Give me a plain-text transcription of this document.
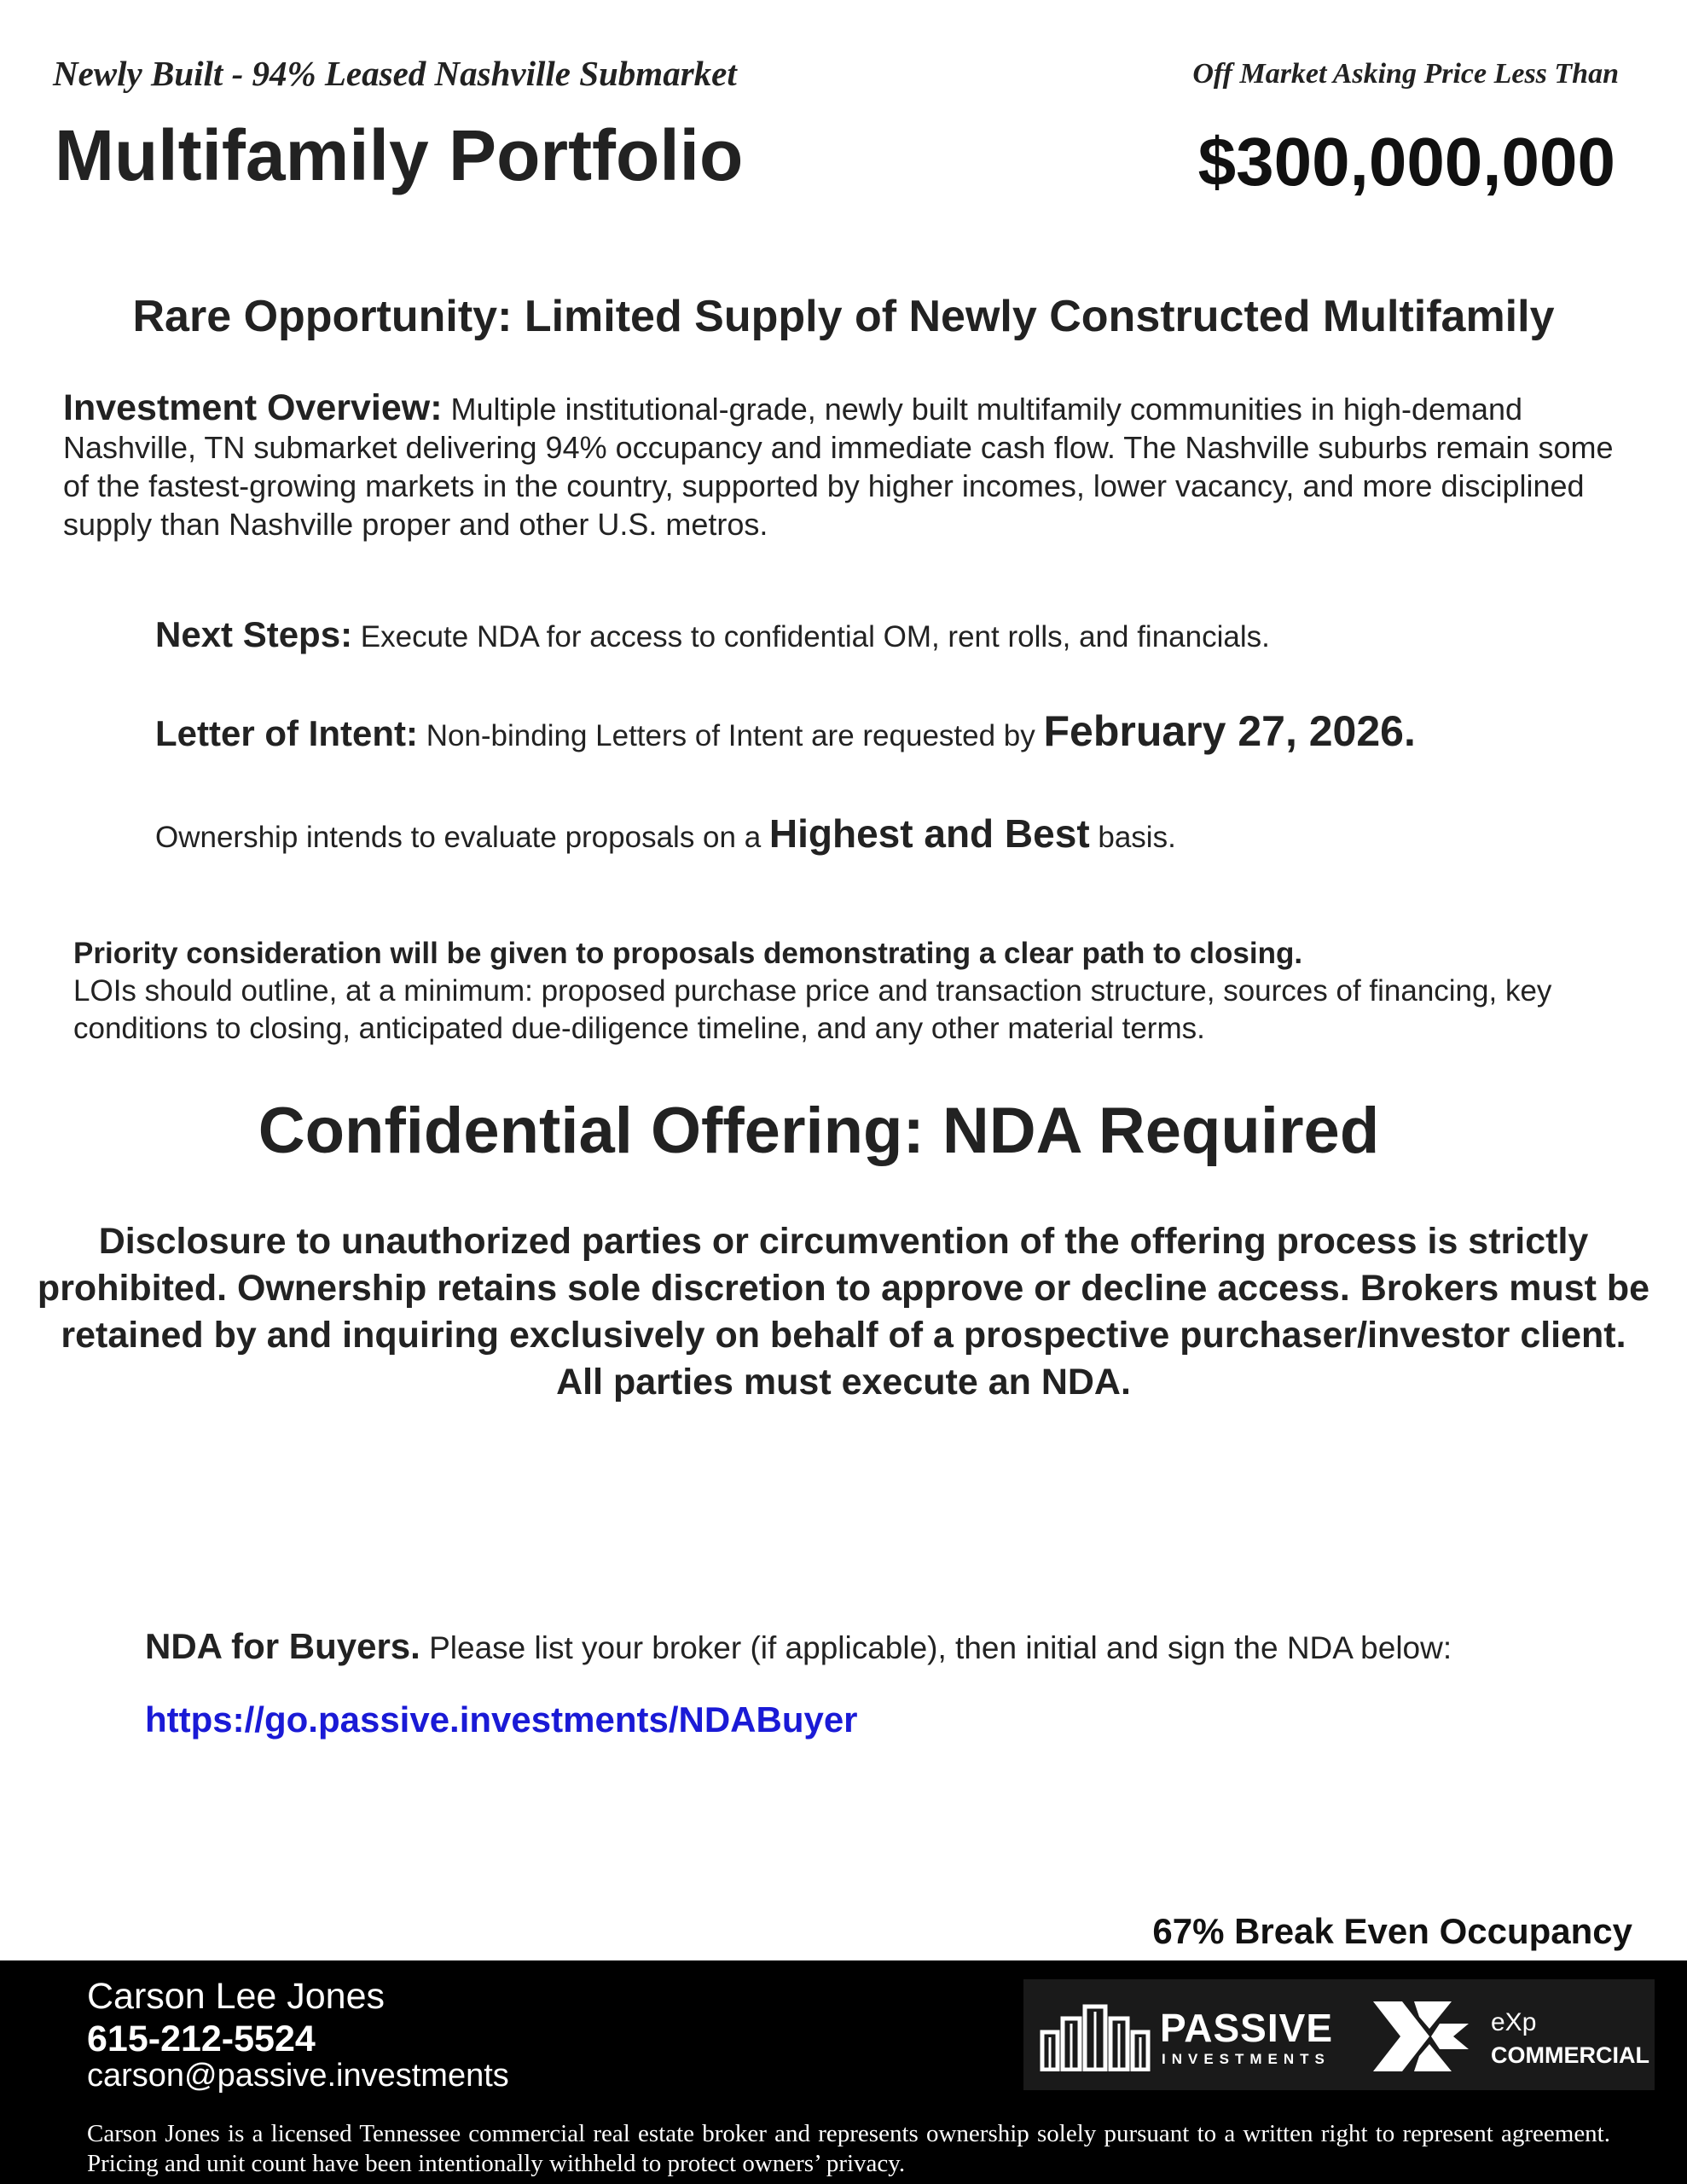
Newly Built - 94% Leased Nashville Submarket	Off Market Asking Price Less Than
Multifamily Portfolio	$300,000,000
Rare Opportunity: Limited Supply of Newly Constructed Multifamily
Investment Overview: Multiple institutional-grade, newly built multifamily communities in high-demand Nashville, TN submarket delivering 94% occupancy and immediate cash flow. The Nashville suburbs remain some of the fastest-growing markets in the country, supported by higher incomes, lower vacancy, and more disciplined supply than Nashville proper and other U.S. metros.
Next Steps: Execute NDA for access to confidential OM, rent rolls, and financials.
Letter of Intent: Non-binding Letters of Intent are requested by February 27, 2026.
Ownership intends to evaluate proposals on a Highest and Best basis.
Priority consideration will be given to proposals demonstrating a clear path to closing.
LOIs should outline, at a minimum: proposed purchase price and transaction structure, sources of financing, key conditions to closing, anticipated due-diligence timeline, and any other material terms.
Confidential Offering: NDA Required
Disclosure to unauthorized parties or circumvention of the offering process is strictly prohibited. Ownership retains sole discretion to approve or decline access. Brokers must be retained by and inquiring exclusively on behalf of a prospective purchaser/investor client. All parties must execute an NDA.
NDA for Buyers. Please list your broker (if applicable), then initial and sign the NDA below:
https://go.passive.investments/NDABuyer
67% Break Even Occupancy
Carson Lee Jones
615-212-5524
carson@passive.investments
PASSIVE
INVESTMENTS
eXp
COMMERCIAL
Carson Jones is a licensed Tennessee commercial real estate broker and represents ownership solely pursuant to a written right to represent agreement. Pricing and unit count have been intentionally withheld to protect owners’ privacy.
